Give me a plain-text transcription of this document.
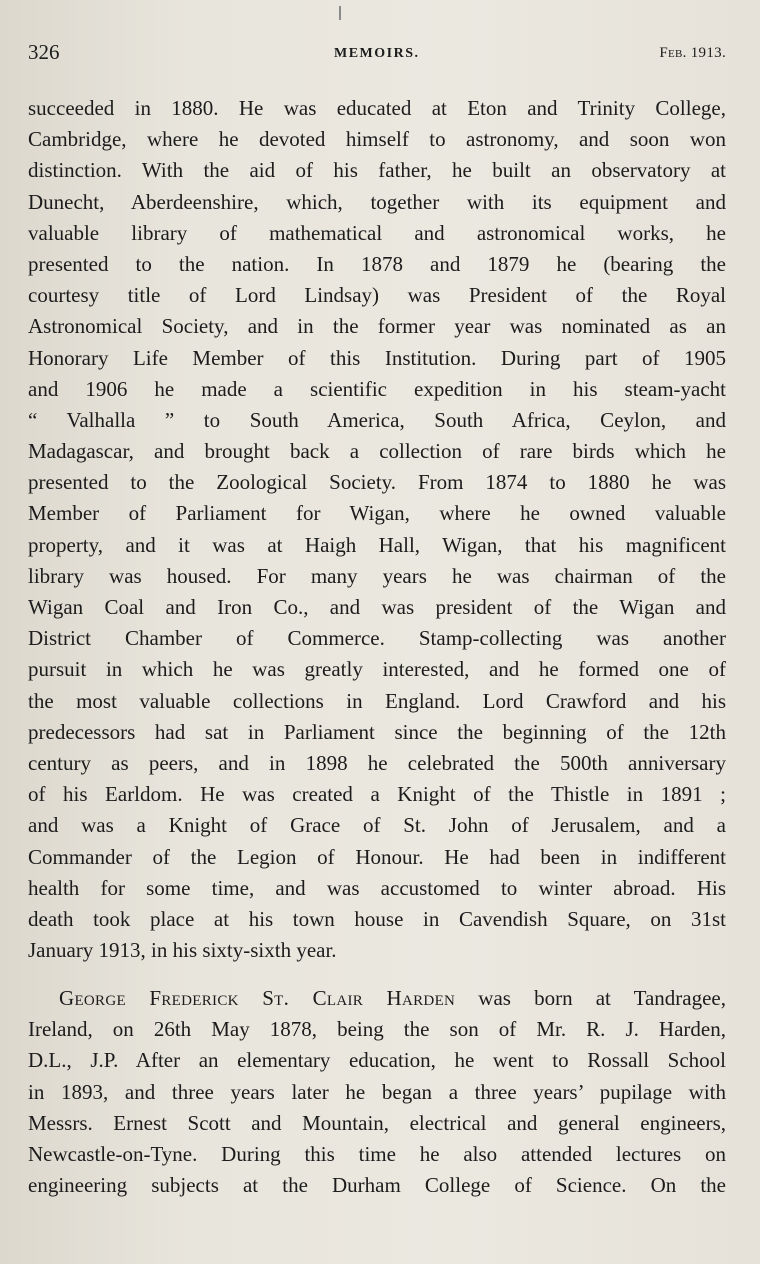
326	MEMOIRS.	Feb. 1913.
succeeded in 1880. He was educated at Eton and Trinity College,
Cambridge, where he devoted himself to astronomy, and soon won
distinction. With the aid of his father, he built an observatory at
Dunecht, Aberdeenshire, which, together with its equipment and
valuable library of mathematical and astronomical works, he
presented to the nation. In 1878 and 1879 he (bearing the
courtesy title of Lord Lindsay) was President of the Royal
Astronomical Society, and in the former year was nominated as an
Honorary Life Member of this Institution. During part of 1905
and 1906 he made a scientific expedition in his steam-yacht
“ Valhalla ” to South America, South Africa, Ceylon, and
Madagascar, and brought back a collection of rare birds which he
presented to the Zoological Society. From 1874 to 1880 he was
Member of Parliament for Wigan, where he owned valuable
property, and it was at Haigh Hall, Wigan, that his magnificent
library was housed. For many years he was chairman of the
Wigan Coal and Iron Co., and was president of the Wigan and
District Chamber of Commerce. Stamp-collecting was another
pursuit in which he was greatly interested, and he formed one of
the most valuable collections in England. Lord Crawford and his
predecessors had sat in Parliament since the beginning of the 12th
century as peers, and in 1898 he celebrated the 500th anniversary
of his Earldom. He was created a Knight of the Thistle in 1891 ;
and was a Knight of Grace of St. John of Jerusalem, and a
Commander of the Legion of Honour. He had been in indifferent
health for some time, and was accustomed to winter abroad. His
death took place at his town house in Cavendish Square, on 31st
January 1913, in his sixty-sixth year.
George Frederick St. Clair Harden was born at Tandragee,
Ireland, on 26th May 1878, being the son of Mr. R. J. Harden,
D.L., J.P. After an elementary education, he went to Rossall School
in 1893, and three years later he began a three years’ pupilage with
Messrs. Ernest Scott and Mountain, electrical and general engineers,
Newcastle-on-Tyne. During this time he also attended lectures on
engineering subjects at the Durham College of Science. On the
